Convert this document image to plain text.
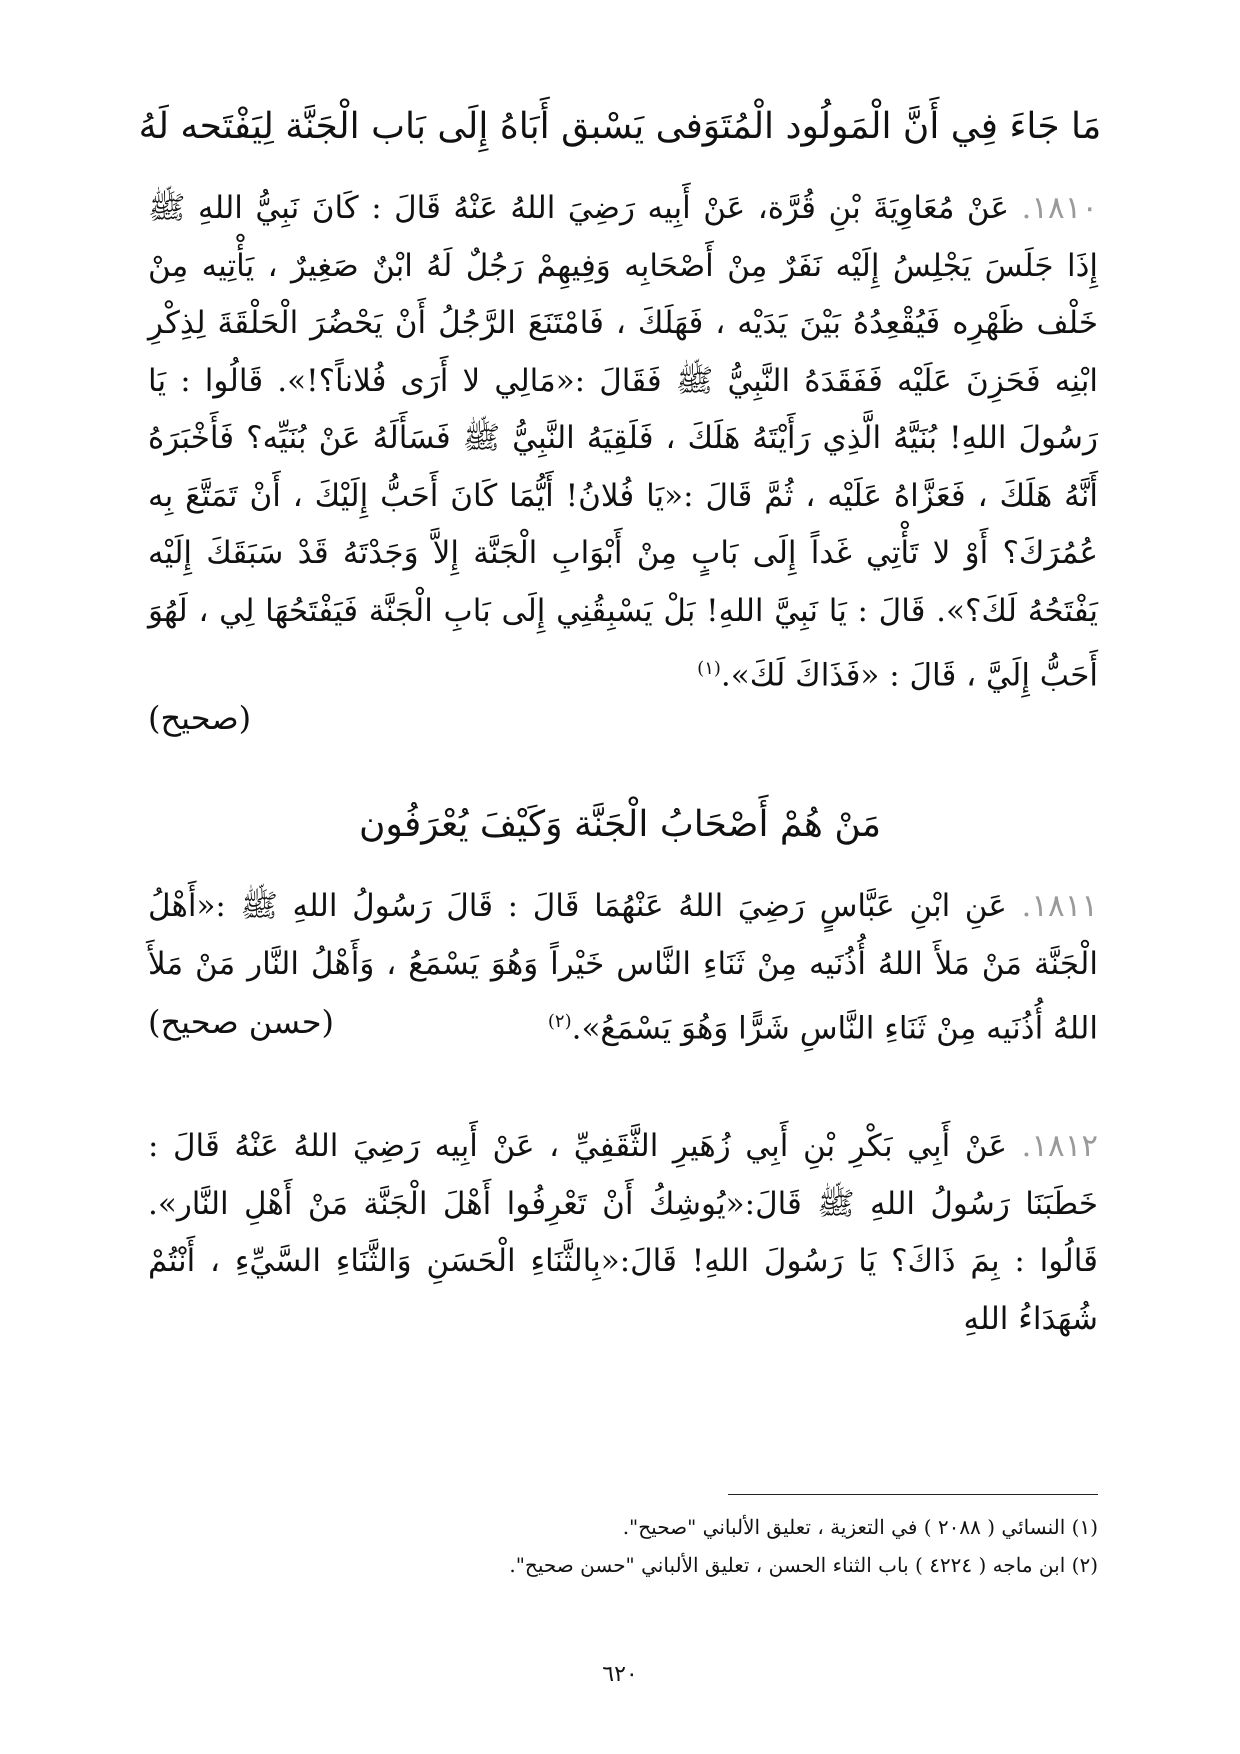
مَا جَاءَ فِي أَنَّ الْمَولُود الْمُتَوَفى يَسْبق أَبَاهُ إِلَى بَاب الْجَنَّة لِيَفْتَحه لَهُ
١٨١٠. عَنْ مُعَاوِيَةَ بْنِ قُرَّة، عَنْ أَبِيه رَضِيَ اللهُ عَنْهُ قَالَ : كَانَ نَبِيُّ اللهِ ﷺ إِذَا جَلَسَ يَجْلِسُ إِلَيْه نَفَرٌ مِنْ أَصْحَابِه وَفِيهِمْ رَجُلٌ لَهُ ابْنٌ صَغِيرٌ ، يَأْتِيه مِنْ خَلْف ظَهْرِه فَيُقْعِدُهُ بَيْنَ يَدَيْه ، فَهَلَكَ ، فَامْتَنَعَ الرَّجُلُ أَنْ يَحْضُرَ الْحَلْقَةَ لِذِكْرِ ابْنِه فَحَزِنَ عَلَيْه فَفَقَدَهُ النَّبِيُّ ﷺ فَقَالَ :«مَالِي لا أَرَى فُلاناً؟!». قَالُوا : يَا رَسُولَ اللهِ! بُنَيَّهُ الَّذِي رَأَيْتَهُ هَلَكَ ، فَلَقِيَهُ النَّبِيُّ ﷺ فَسَأَلَهُ عَنْ بُنَيِّه؟ فَأَخْبَرَهُ أَنَّهُ هَلَكَ ، فَعَزَّاهُ عَلَيْه ، ثُمَّ قَالَ :«يَا فُلانُ! أَيُّمَا كَانَ أَحَبُّ إِلَيْكَ ، أَنْ تَمَتَّعَ بِه عُمُرَكَ؟ أَوْ لا تَأْتِي غَداً إِلَى بَابٍ مِنْ أَبْوَابِ الْجَنَّة إِلاَّ وَجَدْتَهُ قَدْ سَبَقَكَ إِلَيْه يَفْتَحُهُ لَكَ؟». قَالَ : يَا نَبِيَّ اللهِ! بَلْ يَسْبِقُنِي إِلَى بَابِ الْجَنَّة فَيَفْتَحُهَا لِي ، لَهُوَ أَحَبُّ إِلَيَّ ، قَالَ : «فَذَاكَ لَكَ».$^{(١)}$
(صحيح)
مَنْ هُمْ أَصْحَابُ الْجَنَّة وَكَيْفَ يُعْرَفُون
١٨١١. عَنِ ابْنِ عَبَّاسٍ رَضِيَ اللهُ عَنْهُمَا قَالَ : قَالَ رَسُولُ اللهِ ﷺ :«أَهْلُ الْجَنَّة مَنْ مَلأَ اللهُ أُذُنَيه مِنْ ثَنَاءِ النَّاس خَيْراً وَهُوَ يَسْمَعُ ، وَأَهْلُ النَّار مَنْ مَلأَ اللهُ أُذُنَيه مِنْ ثَنَاءِ النَّاسِ شَرًّا وَهُوَ يَسْمَعُ».$^{(٢)}$
(حسن صحيح)
١٨١٢. عَنْ أَبِي بَكْرِ بْنِ أَبِي زُهَيرِ الثَّقَفِيِّ ، عَنْ أَبِيه رَضِيَ اللهُ عَنْهُ قَالَ : خَطَبَنَا رَسُولُ اللهِ ﷺ قَالَ:«يُوشِكُ أَنْ تَعْرِفُوا أَهْلَ الْجَنَّة مَنْ أَهْلِ النَّار». قَالُوا : بِمَ ذَاكَ؟ يَا رَسُولَ اللهِ! قَالَ:«بِالثَّنَاءِ الْحَسَنِ وَالثَّنَاءِ السَّيِّءِ ، أَنْتُمْ شُهَدَاءُ اللهِ
(١) النسائي ( ٢٠٨٨ ) في التعزية ، تعليق الألباني "صحيح".
(٢) ابن ماجه ( ٤٢٢٤ ) باب الثناء الحسن ، تعليق الألباني "حسن صحيح".
٦٢٠
